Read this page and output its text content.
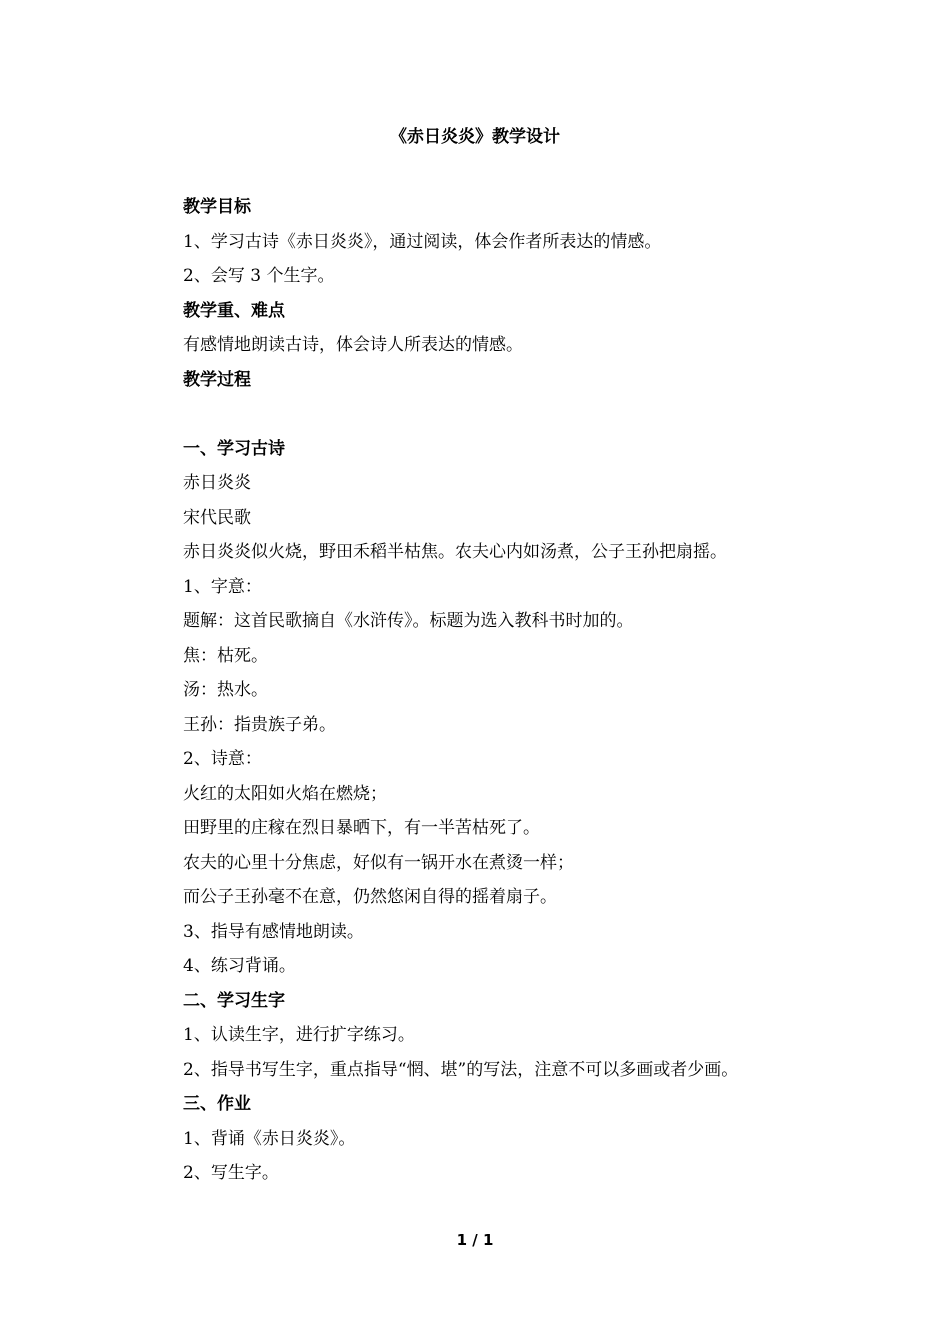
《赤日炎炎》教学设计
教学目标
1、学习古诗《赤日炎炎》，通过阅读，体会作者所表达的情感。
2、会写 3 个生字。
教学重、难点
有感情地朗读古诗，体会诗人所表达的情感。
教学过程
一、学习古诗
赤日炎炎
宋代民歌
赤日炎炎似火烧，野田禾稻半枯焦。农夫心内如汤煮，公子王孙把扇摇。
1、字意：
题解：这首民歌摘自《水浒传》。标题为选入教科书时加的。
焦：枯死。
汤：热水。
王孙：指贵族子弟。
2、诗意：
火红的太阳如火焰在燃烧；
田野里的庄稼在烈日暴晒下，有一半苦枯死了。
农夫的心里十分焦虑，好似有一锅开水在煮烫一样；
而公子王孙毫不在意，仍然悠闲自得的摇着扇子。
3、指导有感情地朗读。
4、练习背诵。
二、学习生字
1、认读生字，进行扩字练习。
2、指导书写生字，重点指导“惘、堪”的写法，注意不可以多画或者少画。
三、作业
1、背诵《赤日炎炎》。
2、写生字。
1 / 1
